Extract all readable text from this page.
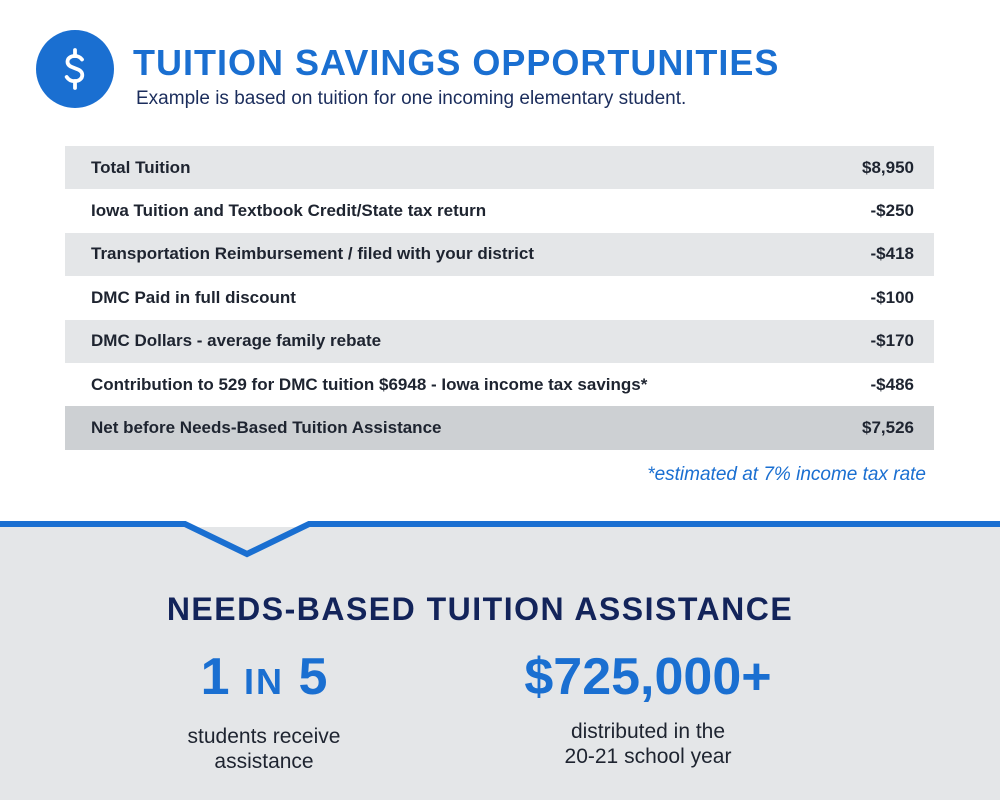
TUITION SAVINGS OPPORTUNITIES
Example is based on tuition for one incoming elementary student.
Total Tuition	$8,950
Iowa Tuition and Textbook Credit/State tax return	-$250
Transportation Reimbursement / filed with your district	-$418
DMC Paid in full discount	-$100
DMC Dollars - average family rebate	-$170
Contribution to 529 for DMC tuition $6948 - Iowa income tax savings*	-$486
Net before Needs-Based Tuition Assistance	$7,526
*estimated at 7% income tax rate
NEEDS-BASED TUITION ASSISTANCE
1 IN 5
students receive
assistance
$725,000+
distributed in the
20-21 school year
